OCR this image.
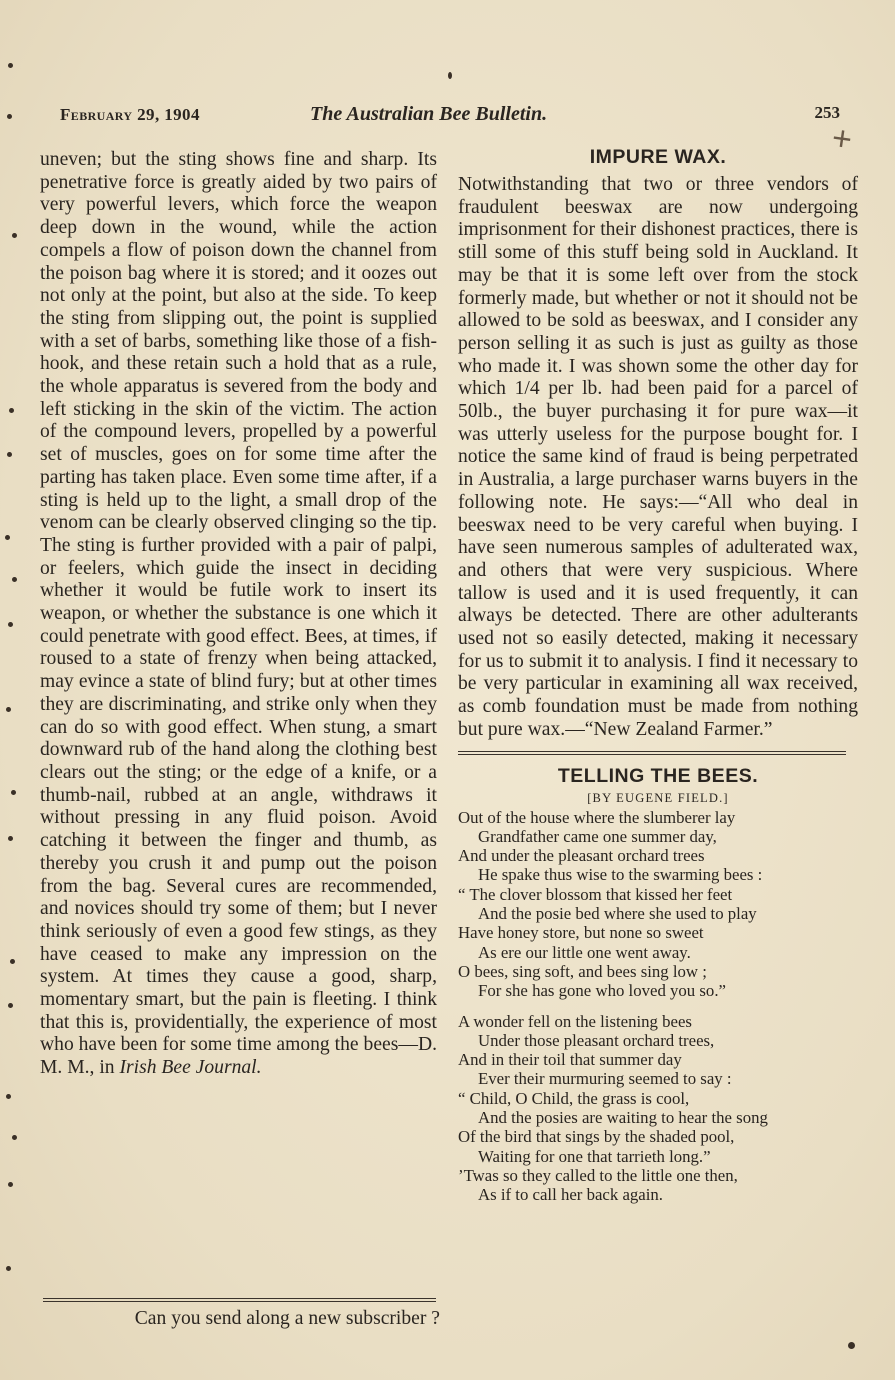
February 29, 1904	The Australian Bee Bulletin.	253
+

uneven; but the sting shows fine and sharp. Its penetrative force is greatly aided by two pairs of very powerful levers, which force the weapon deep down in the wound, while the action compels a flow of poison down the channel from the poison bag where it is stored; and it oozes out not only at the point, but also at the side. To keep the sting from slipping out, the point is supplied with a set of barbs, something like those of a fish-hook, and these retain such a hold that as a rule, the whole apparatus is severed from the body and left sticking in the skin of the victim. The action of the compound levers, propelled by a powerful set of muscles, goes on for some time after the parting has taken place. Even some time after, if a sting is held up to the light, a small drop of the venom can be clearly observed clinging so the tip. The sting is further provided with a pair of palpi, or feelers, which guide the insect in deciding whether it would be futile work to insert its weapon, or whether the substance is one which it could penetrate with good effect. Bees, at times, if roused to a state of frenzy when being attacked, may evince a state of blind fury; but at other times they are discriminating, and strike only when they can do so with good effect. When stung, a smart downward rub of the hand along the clothing best clears out the sting; or the edge of a knife, or a thumb-nail, rubbed at an angle, withdraws it without pressing in any fluid poison. Avoid catching it between the finger and thumb, as thereby you crush it and pump out the poison from the bag. Several cures are recommended, and novices should try some of them; but I never think seriously of even a good few stings, as they have ceased to make any impression on the system. At times they cause a good, sharp, momentary smart, but the pain is fleeting. I think that this is, providentially, the experience of most who have been for some time among the bees—D. M. M., in Irish Bee Journal.

Can you send along a new subscriber ?
IMPURE WAX.
Notwithstanding that two or three vendors of fraudulent beeswax are now undergoing imprisonment for their dishonest practices, there is still some of this stuff being sold in Auckland. It may be that it is some left over from the stock formerly made, but whether or not it should not be allowed to be sold as beeswax, and I consider any person selling it as such is just as guilty as those who made it. I was shown some the other day for which 1/4 per lb. had been paid for a parcel of 50lb., the buyer purchasing it for pure wax—it was utterly useless for the purpose bought for. I notice the same kind of fraud is being perpetrated in Australia, a large purchaser warns buyers in the following note. He says:—“All who deal in beeswax need to be very careful when buying. I have seen numerous samples of adulterated wax, and others that were very suspicious. Where tallow is used and it is used frequently, it can always be detected. There are other adulterants used not so easily detected, making it necessary for us to submit it to analysis. I find it necessary to be very particular in examining all wax received, as comb foundation must be made from nothing but pure wax.—“New Zealand Farmer.”
TELLING THE BEES.
[BY EUGENE FIELD.]
Out of the house where the slumberer lay
Grandfather came one summer day,
And under the pleasant orchard trees
He spake thus wise to the swarming bees :
“ The clover blossom that kissed her feet
And the posie bed where she used to play
Have honey store, but none so sweet
As ere our little one went away.
O bees, sing soft, and bees sing low ;
For she has gone who loved you so.”
A wonder fell on the listening bees
Under those pleasant orchard trees,
And in their toil that summer day
Ever their murmuring seemed to say :
“ Child, O Child, the grass is cool,
And the posies are waiting to hear the song
Of the bird that sings by the shaded pool,
Waiting for one that tarrieth long.”
’Twas so they called to the little one then,
As if to call her back again.
